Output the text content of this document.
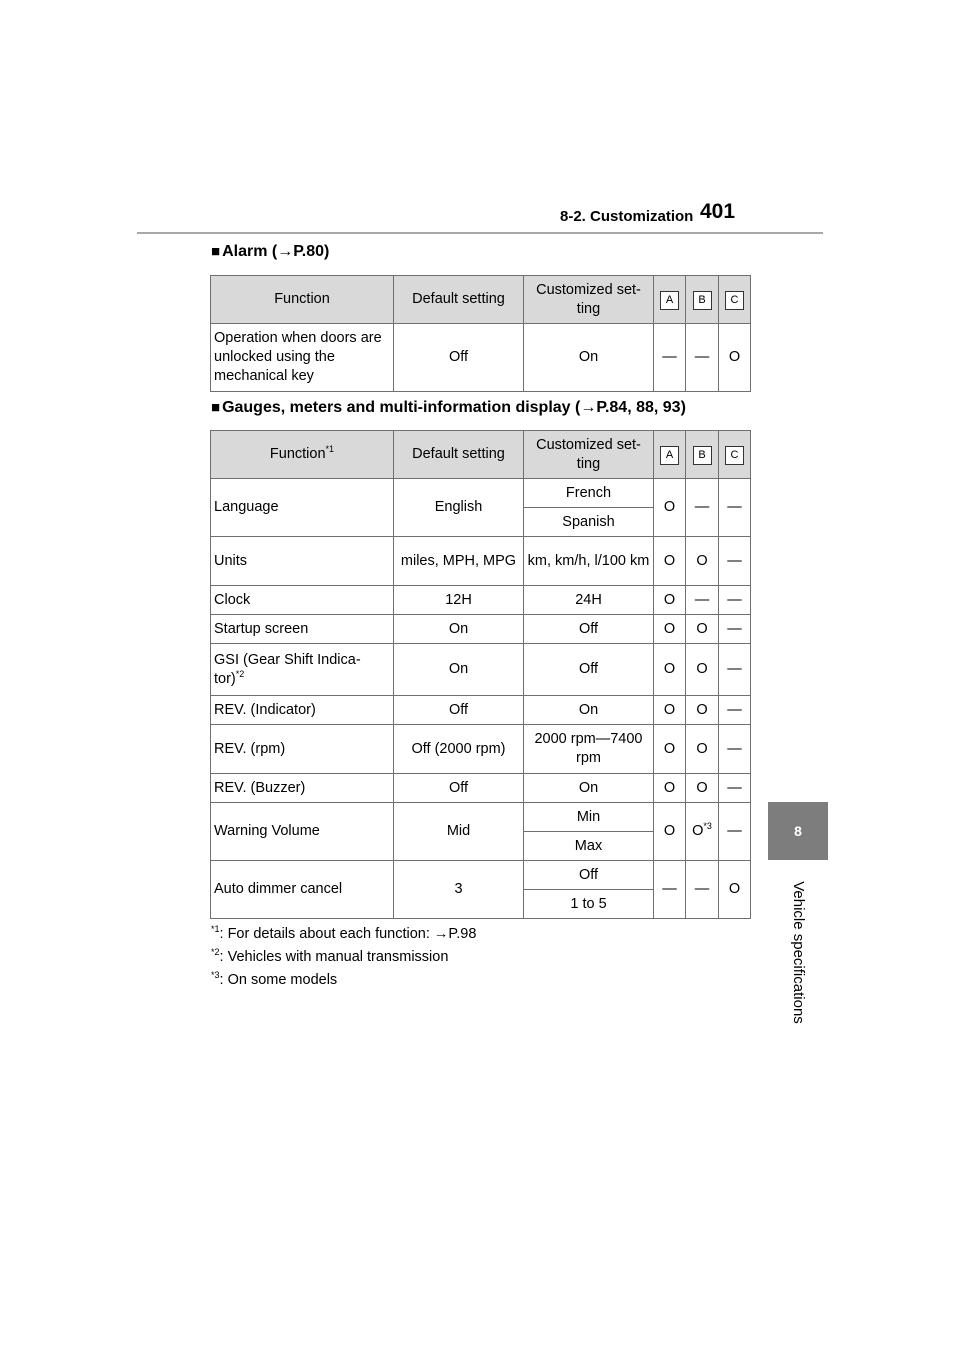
8-2. Customization 401
8
Vehicle specifications
■ Alarm (→P.80)
Function	Default setting	Customized set-ting	A	B	C
Operation when doors are unlocked using the mechanical key	Off	On	—	—	O
■ Gauges, meters and multi-information display (→P.84, 88, 93)
Function$^{*1}$	Default setting	Customized set-ting	A	B	C
Language	English	French	O	—	—
		Spanish			
Units	miles, MPH, MPG	km, km/h, l/100 km	O	O	—
Clock	12H	24H	O	—	—
Startup screen	On	Off	O	O	—
GSI (Gear Shift Indica-tor)$^{*2}$	On	Off	O	O	—
REV. (Indicator)	Off	On	O	O	—
REV. (rpm)	Off (2000 rpm)	2000 rpm—7400 rpm	O	O	—
REV. (Buzzer)	Off	On	O	O	—
Warning Volume	Mid	Min	O	$O^{*3}$	—
		Max			
Auto dimmer cancel	3	Off	—	—	O
		1 to 5			
$^{*1}$: For details about each function: →P.98
$^{*2}$: Vehicles with manual transmission
$^{*3}$: On some models
